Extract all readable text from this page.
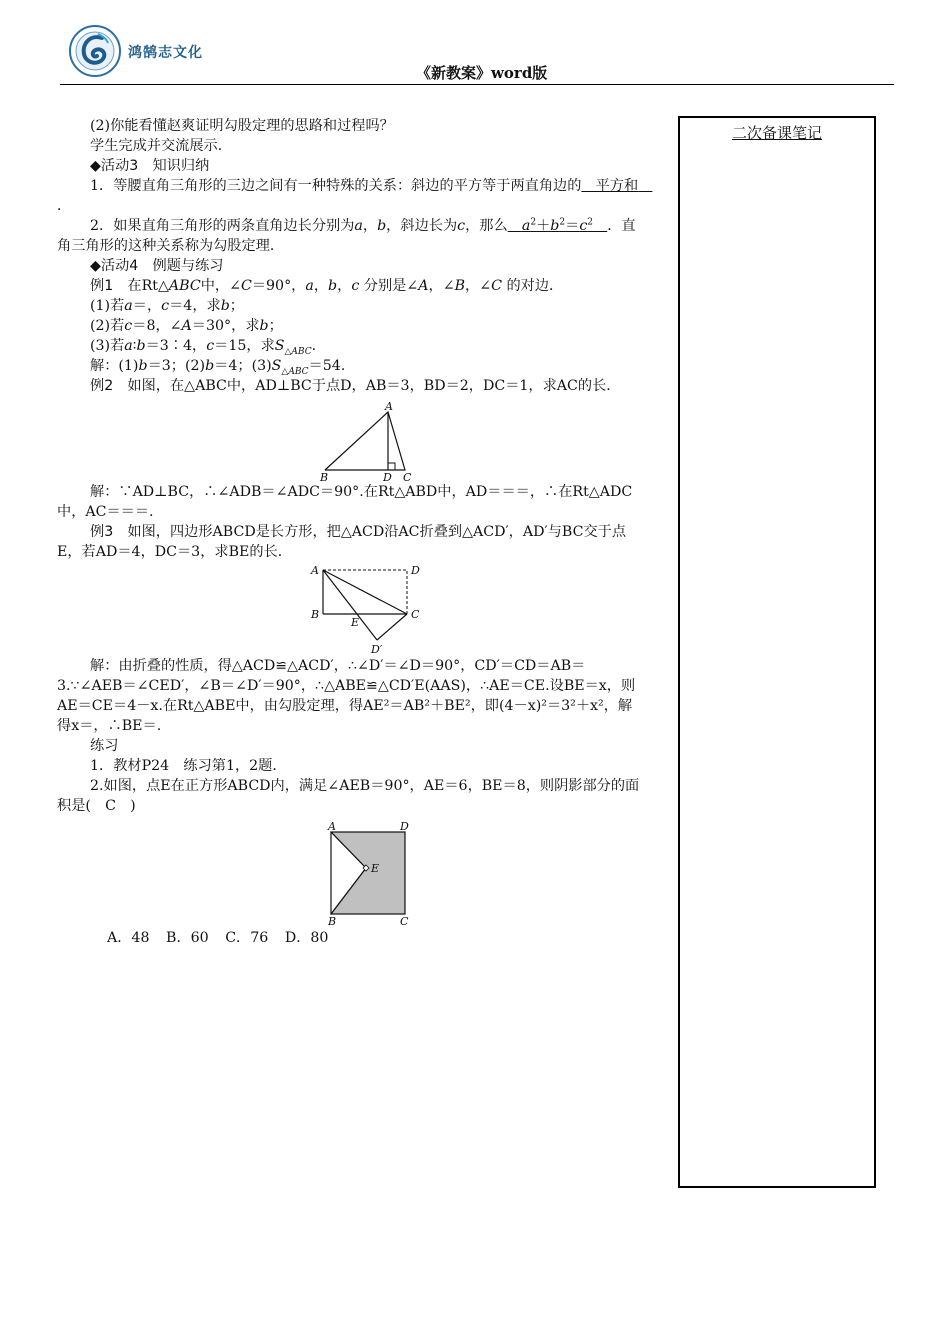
鸿鹄志文化
《新教案》word版
二次备课笔记

(2)你能看懂赵爽证明勾股定理的思路和过程吗？

学生完成并交流展示．

◆活动3　知识归纳

1．等腰直角三角形的三边之间有一种特殊的关系：斜边的平方等于两直角边的　平方和　．

2．如果直角三角形的两条直角边长分别为a，b，斜边长为c，那么　 $a^2+b^2=c^2$　 ．直角三角形的这种关系称为勾股定理．

◆活动4　例题与练习

例1　 在Rt△ABC中，∠C＝90°，a，b，c 分别是∠A，∠B，∠C 的对边．

(1)若a＝，c＝4，求b；

(2)若c＝8，∠A＝30°，求b；

(3)若a∶b＝3∶4，c＝15，求$S_{\triangle ABC}$.

解：(1)b＝3；(2)b＝4；$(3)S_{\triangle ABC}=54$.

例2　 如图，在△ABC中，AD⊥BC于点D，AB＝3，BD＝2，DC＝1，求AC的长．

A
B	D C

解：∵AD⊥BC，∴∠ADB＝∠ADC＝90°.在Rt△ABD中，AD＝＝＝，∴在Rt△ADC中，AC＝＝＝.

例3　 如图，四边形ABCD是长方形，把△ACD沿AC折叠到△ACD′，AD′与BC交于点E，若AD＝4，DC＝3，求BE的长．

A	D
B
E
C
D′

解：由折叠的性质，得△ACD≌△ACD′，∴∠D′＝∠D＝90°，CD′＝CD＝AB＝3.∵∠AEB＝∠CED′，∠B＝∠D′＝90°，∴△ABE≌△CD′E(AAS)，∴AE＝CE.设BE＝x，则AE＝CE＝4－x.在Rt△ABE中，由勾股定理，得AE²＝AB²＋BE²，即(4－x)²＝3²＋x²，解得x＝，∴BE＝.

练习

1．教材P24　练习第1，2题．

2.如图，点E在正方形ABCD内，满足∠AEB＝90°，AE＝6，BE＝8，则阴影部分的面积是(　C　)

A	D
E
B	C
A．48 B．60 C．76 D．80
